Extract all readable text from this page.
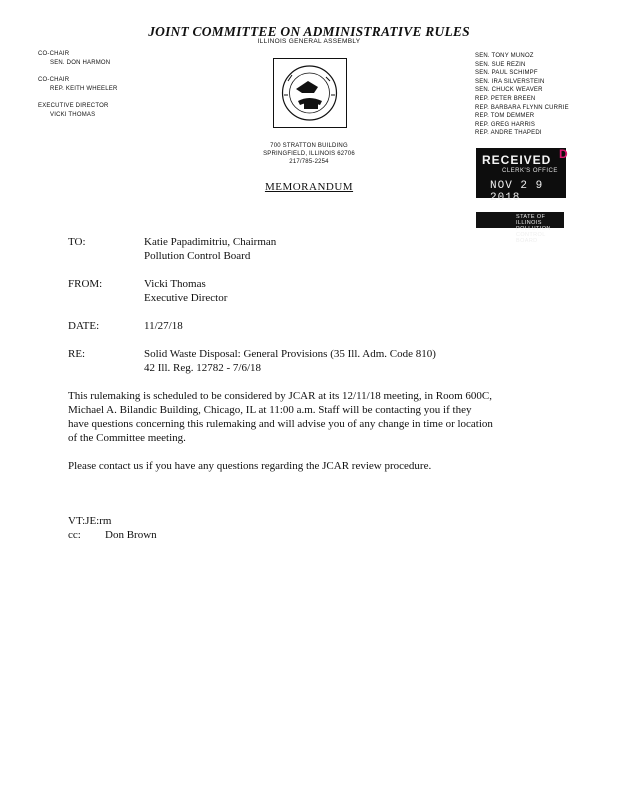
JOINT COMMITTEE ON ADMINISTRATIVE RULES
ILLINOIS GENERAL ASSEMBLY
CO-CHAIR
SEN. DON HARMON
CO-CHAIR
REP. KEITH WHEELER
EXECUTIVE DIRECTOR
VICKI THOMAS
700 STRATTON BUILDING
SPRINGFIELD, ILLINOIS 62706
217/785-2254
SEN. TONY MUNOZ
SEN. SUE REZIN
SEN. PAUL SCHIMPF
SEN. IRA SILVERSTEIN
SEN. CHUCK WEAVER
REP. PETER BREEN
REP. BARBARA FLYNN CURRIE
REP. TOM DEMMER
REP. GREG HARRIS
REP. ANDRE THAPEDI
RECEIVED
CLERK'S OFFICE
NOV 2 9 2018
D
STATE OF ILLINOIS
POLLUTION CONTROL BOARD
MEMORANDUM
TO:	Katie Papadimitriu, Chairman
Pollution Control Board
FROM:	Vicki Thomas
Executive Director
DATE:	11/27/18
RE:	Solid Waste Disposal: General Provisions (35 Ill. Adm. Code 810)
42 Ill. Reg. 12782 - 7/6/18
This rulemaking is scheduled to be considered by JCAR at its 12/11/18 meeting, in Room 600C,
Michael A. Bilandic Building, Chicago, IL at 11:00 a.m. Staff will be contacting you if they
have questions concerning this rulemaking and will advise you of any change in time or location
of the Committee meeting.
Please contact us if you have any questions regarding the JCAR review procedure.
VT:JE:rm
cc: Don Brown
